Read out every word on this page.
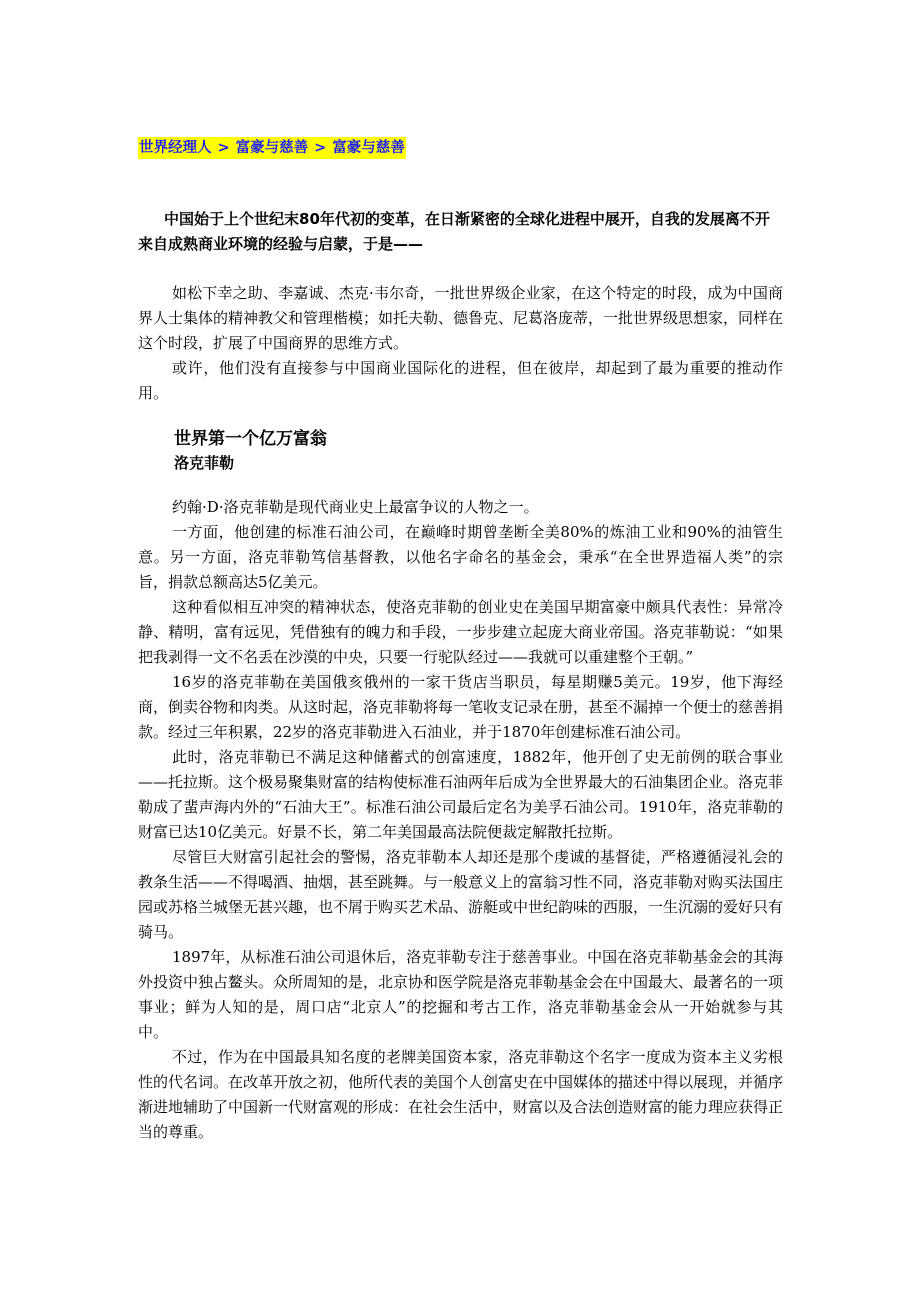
世界经理人 > 富豪与慈善 > 富豪与慈善

中国始于上个世纪末80年代初的变革，在日渐紧密的全球化进程中展开，自我的发展离不开来自成熟商业环境的经验与启蒙，于是——

如松下幸之助、李嘉诚、杰克·韦尔奇，一批世界级企业家，在这个特定的时段，成为中国商界人士集体的精神教父和管理楷模；如托夫勒、德鲁克、尼葛洛庞蒂，一批世界级思想家，同样在这个时段，扩展了中国商界的思维方式。

或许，他们没有直接参与中国商业国际化的进程，但在彼岸，却起到了最为重要的推动作用。

世界第一个亿万富翁
洛克菲勒

约翰·D·洛克菲勒是现代商业史上最富争议的人物之一。

一方面，他创建的标准石油公司，在巅峰时期曾垄断全美80%的炼油工业和90%的油管生意。另一方面，洛克菲勒笃信基督教，以他名字命名的基金会，秉承“在全世界造福人类”的宗旨，捐款总额高达5亿美元。

这种看似相互冲突的精神状态，使洛克菲勒的创业史在美国早期富豪中颇具代表性：异常冷静、精明，富有远见，凭借独有的魄力和手段，一步步建立起庞大商业帝国。洛克菲勒说：“如果把我剥得一文不名丢在沙漠的中央，只要一行驼队经过——我就可以重建整个王朝。”

16岁的洛克菲勒在美国俄亥俄州的一家干货店当职员，每星期赚5美元。19岁，他下海经商，倒卖谷物和肉类。从这时起，洛克菲勒将每一笔收支记录在册，甚至不漏掉一个便士的慈善捐款。经过三年积累，22岁的洛克菲勒进入石油业，并于1870年创建标准石油公司。

此时，洛克菲勒已不满足这种储蓄式的创富速度，1882年，他开创了史无前例的联合事业——托拉斯。这个极易聚集财富的结构使标准石油两年后成为全世界最大的石油集团企业。洛克菲勒成了蜚声海内外的“石油大王”。标准石油公司最后定名为美孚石油公司。1910年，洛克菲勒的财富已达10亿美元。好景不长，第二年美国最高法院便裁定解散托拉斯。

尽管巨大财富引起社会的警惕，洛克菲勒本人却还是那个虔诚的基督徒，严格遵循浸礼会的教条生活——不得喝酒、抽烟，甚至跳舞。与一般意义上的富翁习性不同，洛克菲勒对购买法国庄园或苏格兰城堡无甚兴趣，也不屑于购买艺术品、游艇或中世纪韵味的西服，一生沉溺的爱好只有骑马。

1897年，从标准石油公司退休后，洛克菲勒专注于慈善事业。中国在洛克菲勒基金会的其海外投资中独占鳌头。众所周知的是，北京协和医学院是洛克菲勒基金会在中国最大、最著名的一项事业；鲜为人知的是，周口店“北京人”的挖掘和考古工作，洛克菲勒基金会从一开始就参与其中。

不过，作为在中国最具知名度的老牌美国资本家，洛克菲勒这个名字一度成为资本主义劣根性的代名词。在改革开放之初，他所代表的美国个人创富史在中国媒体的描述中得以展现，并循序渐进地辅助了中国新一代财富观的形成：在社会生活中，财富以及合法创造财富的能力理应获得正当的尊重。
